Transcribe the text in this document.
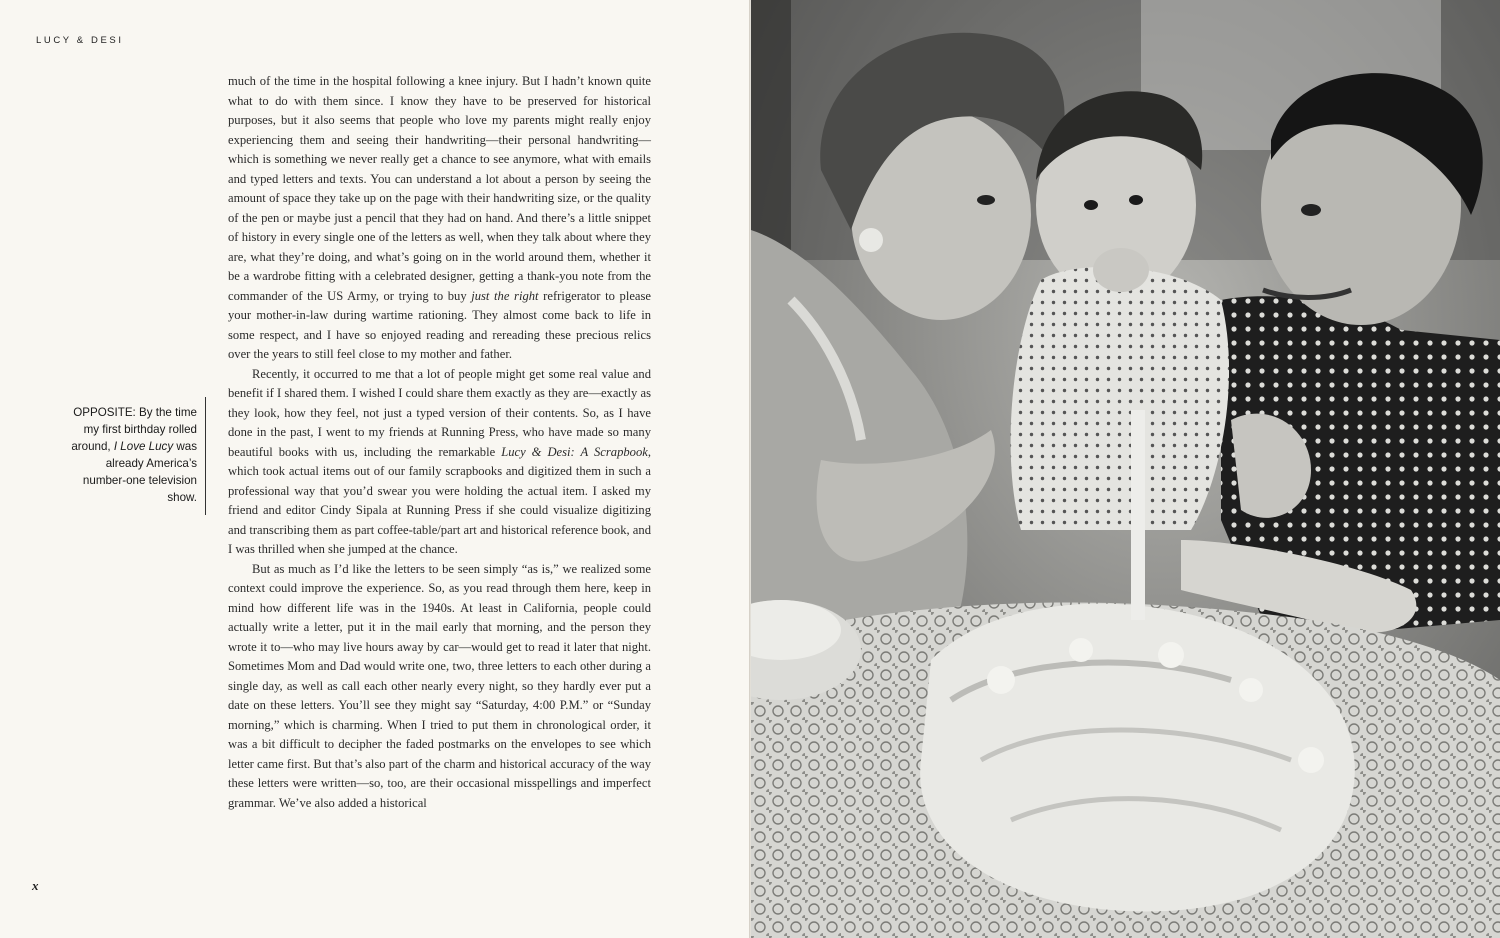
LUCY & DESI
OPPOSITE: By the time my first birthday rolled around, I Love Lucy was already America’s number-one television show.

much of the time in the hospital following a knee injury. But I hadn’t known quite what to do with them since. I know they have to be preserved for historical purposes, but it also seems that people who love my parents might really enjoy experiencing them and seeing their handwriting—their personal handwriting—which is something we never really get a chance to see anymore, what with emails and typed letters and texts. You can understand a lot about a person by seeing the amount of space they take up on the page with their handwriting size, or the quality of the pen or maybe just a pencil that they had on hand. And there’s a little snippet of history in every single one of the letters as well, when they talk about where they are, what they’re doing, and what’s going on in the world around them, whether it be a wardrobe fitting with a celebrated designer, getting a thank-you note from the commander of the US Army, or trying to buy just the right refrigerator to please your mother-in-law during wartime rationing. They almost come back to life in some respect, and I have so enjoyed reading and rereading these precious relics over the years to still feel close to my mother and father.

Recently, it occurred to me that a lot of people might get some real value and benefit if I shared them. I wished I could share them exactly as they are—exactly as they look, how they feel, not just a typed version of their contents. So, as I have done in the past, I went to my friends at Running Press, who have made so many beautiful books with us, including the remarkable Lucy & Desi: A Scrapbook, which took actual items out of our family scrapbooks and digitized them in such a professional way that you’d swear you were holding the actual item. I asked my friend and editor Cindy Sipala at Running Press if she could visualize digitizing and transcribing them as part coffee-table/part art and historical reference book, and I was thrilled when she jumped at the chance.

But as much as I’d like the letters to be seen simply “as is,” we realized some context could improve the experience. So, as you read through them here, keep in mind how different life was in the 1940s. At least in California, people could actually write a letter, put it in the mail early that morning, and the person they wrote it to—who may live hours away by car—would get to read it later that night. Sometimes Mom and Dad would write one, two, three letters to each other during a single day, as well as call each other nearly every night, so they hardly ever put a date on these letters. You’ll see they might say “Saturday, 4:00 P.M.” or “Sunday morning,” which is charming. When I tried to put them in chronological order, it was a bit difficult to decipher the faded postmarks on the envelopes to see which letter came first. But that’s also part of the charm and historical accuracy of the way these letters were written—so, too, are their occasional misspellings and imperfect grammar. We’ve also added a historical

x
